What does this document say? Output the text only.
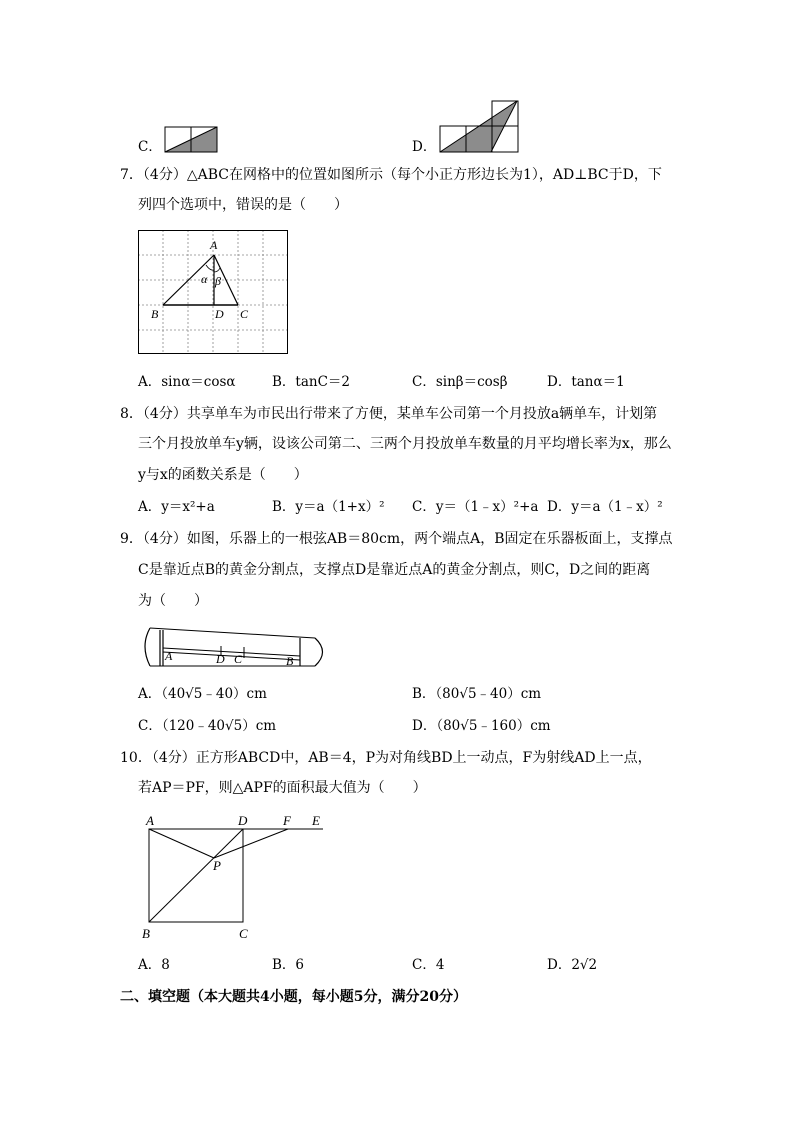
C．	D．
7．（4分）△ABC在网格中的位置如图所示（每个小正方形边长为1），AD⊥BC于D，下
列四个选项中，错误的是（　　）
A
B	C
D
α β
A．sinα＝cosα	B．tanC＝2	C．sinβ＝cosβ	D．tanα＝1
8．（4分）共享单车为市民出行带来了方便，某单车公司第一个月投放a辆单车，计划第
三个月投放单车y辆，设该公司第二、三两个月投放单车数量的月平均增长率为x，那么
y与x的函数关系是（　　）
A．y＝x²+a	B．y＝a（1+x）² C．y＝（1﹣x）²+a D．y＝a（1﹣x）²
9．（4分）如图，乐器上的一根弦AB＝80cm，两个端点A，B固定在乐器板面上，支撑点
C是靠近点B的黄金分割点，支撑点D是靠近点A的黄金分割点，则C，D之间的距离
为（　　）
A	D C	B
A．（40√5﹣40）cm	B．（80√5﹣40）cm
C．（120﹣40√5）cm	D．（80√5﹣160）cm
10．（4分）正方形ABCD中，AB＝4，P为对角线BD上一动点，F为射线AD上一点，
若AP＝PF，则△APF的面积最大值为（　　）
A	D	F E
P
B	C
A．8	B．6	C．4	D．2√2
二、填空题（本大题共4小题，每小题5分，满分20分）
